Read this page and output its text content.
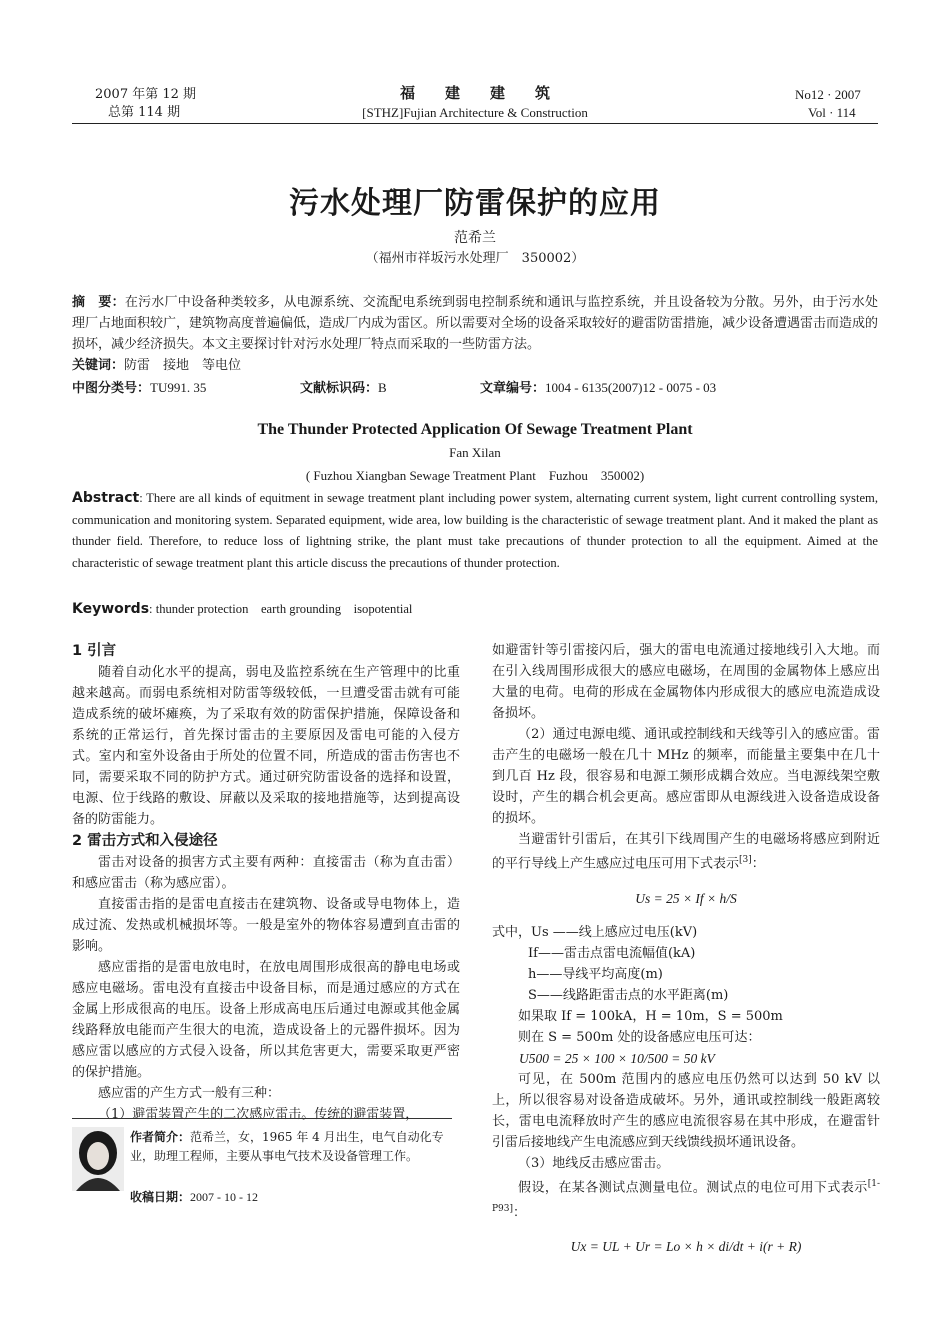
2007 年第 12 期
总第 114 期
福　　建　　建　　筑
[STHZ]Fujian Architecture & Construction
No12 · 2007
Vol · 114
污水处理厂防雷保护的应用
范希兰
（福州市祥坂污水处理厂　350002）

摘　要：在污水厂中设备种类较多，从电源系统、交流配电系统到弱电控制系统和通讯与监控系统，并且设备较为分散。另外，由于污水处理厂占地面积较广，建筑物高度普遍偏低，造成厂内成为雷区。所以需要对全场的设备采取较好的避雷防雷措施，减少设备遭遇雷击而造成的损坏，减少经济损失。本文主要探讨针对污水处理厂特点而采取的一些防雷方法。

关键词：防雷　接地　等电位

中图分类号：TU991. 35	文献标识码：B	文章编号：1004 - 6135(2007)12 - 0075 - 03
The Thunder Protected Application Of Sewage Treatment Plant
Fan Xilan
( Fuzhou Xiangban Sewage Treatment Plant　Fuzhou　350002)
Abstract: There are all kinds of equitment in sewage treatment plant including power system, alternating current system, light current controlling system, communication and monitoring system. Separated equipment, wide area, low building is the characteristic of sewage treatment plant. And it maked the plant as thunder field. Therefore, to reduce loss of lightning strike, the plant must take precautions of thunder protection to all the equipment. Aimed at the characteristic of sewage treatment plant this article discuss the precautions of thunder protection.
Keywords: thunder protection　earth grounding　isopotential

1 引言

随着自动化水平的提高，弱电及监控系统在生产管理中的比重越来越高。而弱电系统相对防雷等级较低，一旦遭受雷击就有可能造成系统的破坏瘫痪，为了采取有效的防雷保护措施，保障设备和系统的正常运行，首先探讨雷击的主要原因及雷电可能的入侵方式。室内和室外设备由于所处的位置不同，所造成的雷击伤害也不同，需要采取不同的防护方式。通过研究防雷设备的选择和设置，电源、位于线路的敷设、屏蔽以及采取的接地措施等，达到提高设备的防雷能力。

2 雷击方式和入侵途径

雷击对设备的损害方式主要有两种：直接雷击（称为直击雷）和感应雷击（称为感应雷）。

直接雷击指的是雷电直接击在建筑物、设备或导电物体上，造成过流、发热或机械损坏等。一般是室外的物体容易遭到直击雷的影响。

感应雷指的是雷电放电时，在放电周围形成很高的静电电场或感应电磁场。雷电没有直接击中设备目标，而是通过感应的方式在金属上形成很高的电压。设备上形成高电压后通过电源或其他金属线路释放电能而产生很大的电流，造成设备上的元器件损坏。因为感应雷以感应的方式侵入设备，所以其危害更大，需要采取更严密的保护措施。

感应雷的产生方式一般有三种：

（1）避雷装置产生的二次感应雷击。传统的避雷装置，

作者简介：范希兰，女，1965 年 4 月出生，电气自动化专业，助理工程师，主要从事电气技术及设备管理工作。
收稿日期：2007 - 10 - 12

如避雷针等引雷接闪后，强大的雷电电流通过接地线引入大地。而在引入线周围形成很大的感应电磁场，在周围的金属物体上感应出大量的电荷。电荷的形成在金属物体内形成很大的感应电流造成设备损坏。

（2）通过电源电缆、通讯或控制线和天线等引入的感应雷。雷击产生的电磁场一般在几十 MHz 的频率，而能量主要集中在几十到几百 Hz 段，很容易和电源工频形成耦合效应。当电源线架空敷设时，产生的耦合机会更高。感应雷即从电源线进入设备造成设备的损坏。

当避雷针引雷后，在其引下线周围产生的电磁场将感应到附近的平行导线上产生感应过电压可用下式表示[3]：

Us = 25 × If × h/S

式中，Us ——线上感应过电压(kV)

If——雷击点雷电流幅值(kA)

h——导线平均高度(m)

S——线路距雷击点的水平距离(m)

如果取 If = 100kA，H = 10m，S = 500m

则在 S = 500m 处的设备感应电压可达：

U500 = 25 × 100 × 10/500 = 50 kV

可见，在 500m 范围内的感应电压仍然可以达到 50 kV 以上，所以很容易对设备造成破坏。另外，通讯或控制线一般距离较长，雷电电流释放时产生的感应电流很容易在其中形成，在避雷针引雷后接地线产生电流感应到天线馈线损坏通讯设备。

（3）地线反击感应雷击。

假设，在某各测试点测量电位。测试点的电位可用下式表示[1-P93]：

Ux = UL + Ur = Lo × h × di/dt + i(r + R)
